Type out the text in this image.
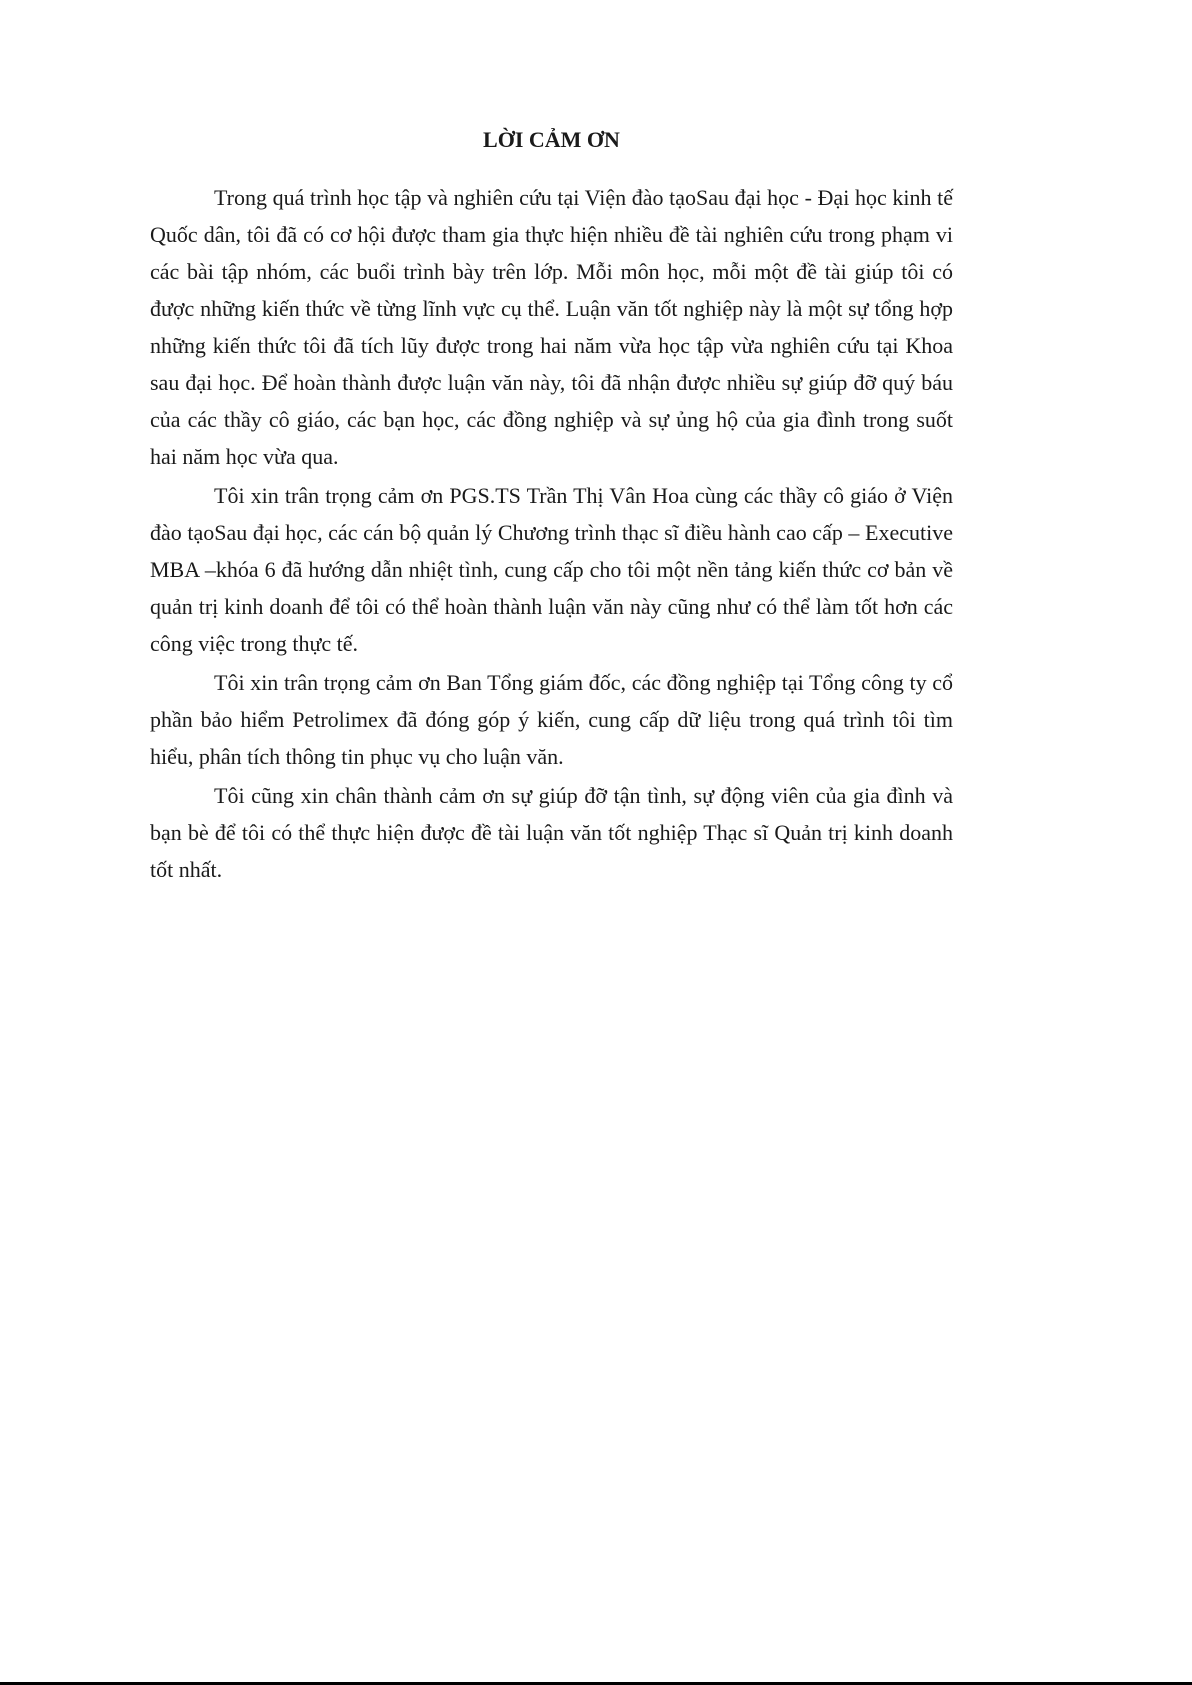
LỜI CẢM ƠN

Trong quá trình học tập và nghiên cứu tại Viện đào tạoSau đại học - Đại học kinh tế Quốc dân, tôi đã có cơ hội được tham gia thực hiện nhiều đề tài nghiên cứu trong phạm vi các bài tập nhóm, các buổi trình bày trên lớp. Mỗi môn học, mỗi một đề tài giúp tôi có được những kiến thức về từng lĩnh vực cụ thể. Luận văn tốt nghiệp này là một sự tổng hợp những kiến thức tôi đã tích lũy được trong hai năm vừa học tập vừa nghiên cứu tại Khoa sau đại học. Để hoàn thành được luận văn này, tôi đã nhận được nhiều sự giúp đỡ quý báu của các thầy cô giáo, các bạn học, các đồng nghiệp và sự ủng hộ của gia đình trong suốt hai năm học vừa qua.

Tôi xin trân trọng cảm ơn PGS.TS Trần Thị Vân Hoa cùng các thầy cô giáo ở Viện đào tạoSau đại học, các cán bộ quản lý Chương trình thạc sĩ điều hành cao cấp – Executive MBA –khóa 6 đã hướng dẫn nhiệt tình, cung cấp cho tôi một nền tảng kiến thức cơ bản về quản trị kinh doanh để tôi có thể hoàn thành luận văn này cũng như có thể làm tốt hơn các công việc trong thực tế.

Tôi xin trân trọng cảm ơn Ban Tổng giám đốc, các đồng nghiệp tại Tổng công ty cổ phần bảo hiểm Petrolimex đã đóng góp ý kiến, cung cấp dữ liệu trong quá trình tôi tìm hiểu, phân tích thông tin phục vụ cho luận văn.

Tôi cũng xin chân thành cảm ơn sự giúp đỡ tận tình, sự động viên của gia đình và bạn bè để tôi có thể thực hiện được đề tài luận văn tốt nghiệp Thạc sĩ Quản trị kinh doanh tốt nhất.
